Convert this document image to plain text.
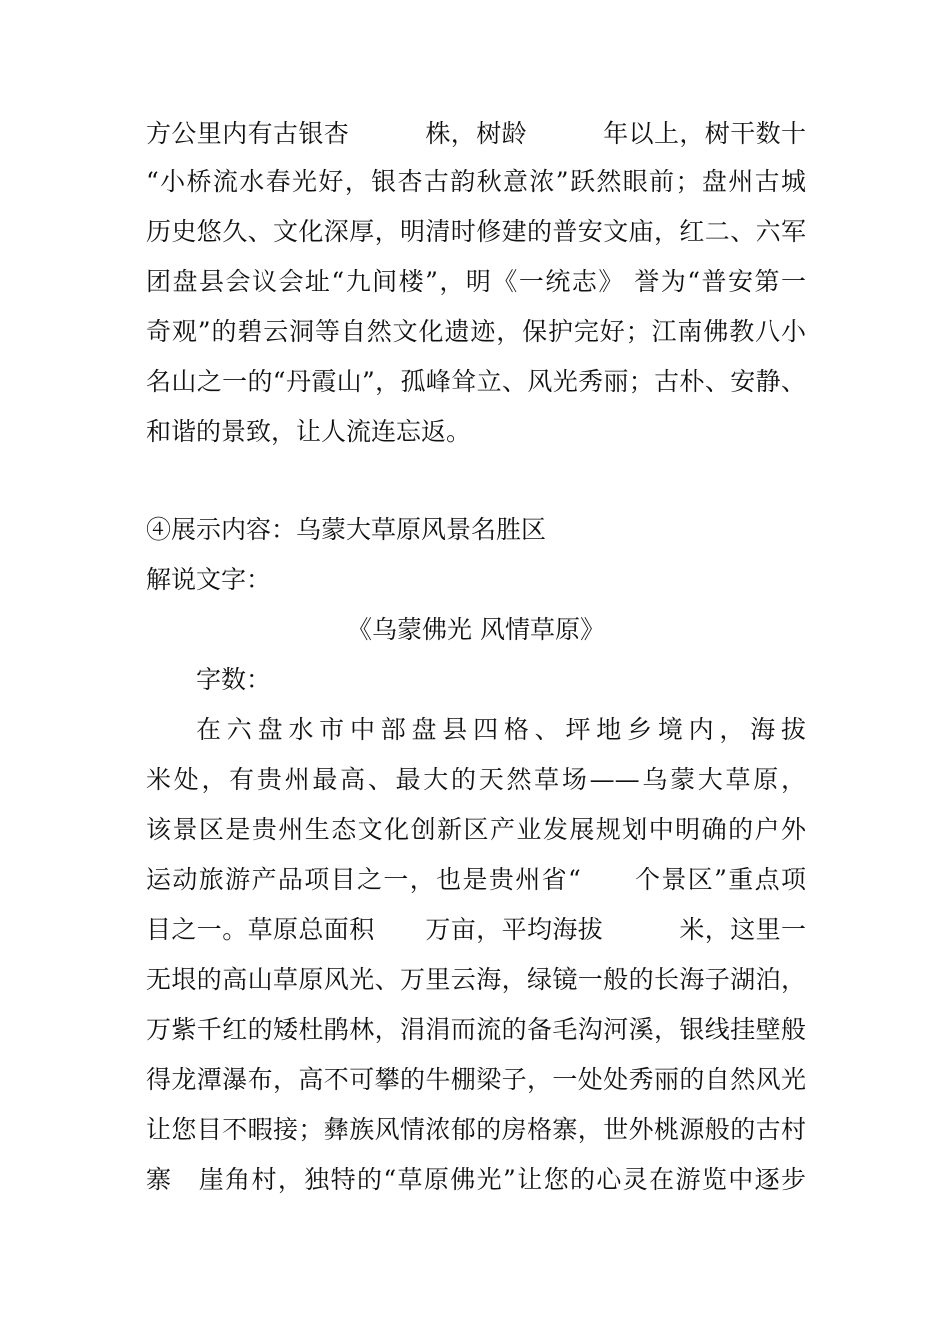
方公里内有古银杏　　　株，树龄　　　年以上，树干数十
“小桥流水春光好，银杏古韵秋意浓”跃然眼前；盘州古城
历史悠久、文化深厚，明清时修建的普安文庙，红二、六军
团盘县会议会址“九间楼”，明《一统志》 誉为“普安第一
奇观”的碧云洞等自然文化遗迹，保护完好；江南佛教八小
名山之一的“丹霞山”，孤峰耸立、风光秀丽；古朴、安静、
和谐的景致，让人流连忘返。
④展示内容：乌蒙大草原风景名胜区
解说文字：
《乌蒙佛光 风情草原》
字数：
在六盘水市中部盘县四格、坪地乡境内，海拔　　　　
米处，有贵州最高、最大的天然草场——乌蒙大草原，
该景区是贵州生态文化创新区产业发展规划中明确的户外
运动旅游产品项目之一，也是贵州省“　　个景区”重点项
目之一。草原总面积　　万亩，平均海拔　　　米，这里一
无垠的高山草原风光、万里云海，绿镜一般的长海子湖泊，
万紫千红的矮杜鹃林，涓涓而流的备毛沟河溪，银线挂壁般
得龙潭瀑布，高不可攀的牛棚梁子，一处处秀丽的自然风光
让您目不暇接；彝族风情浓郁的房格寨，世外桃源般的古村
寨　崖角村，独特的“草原佛光”让您的心灵在游览中逐步
